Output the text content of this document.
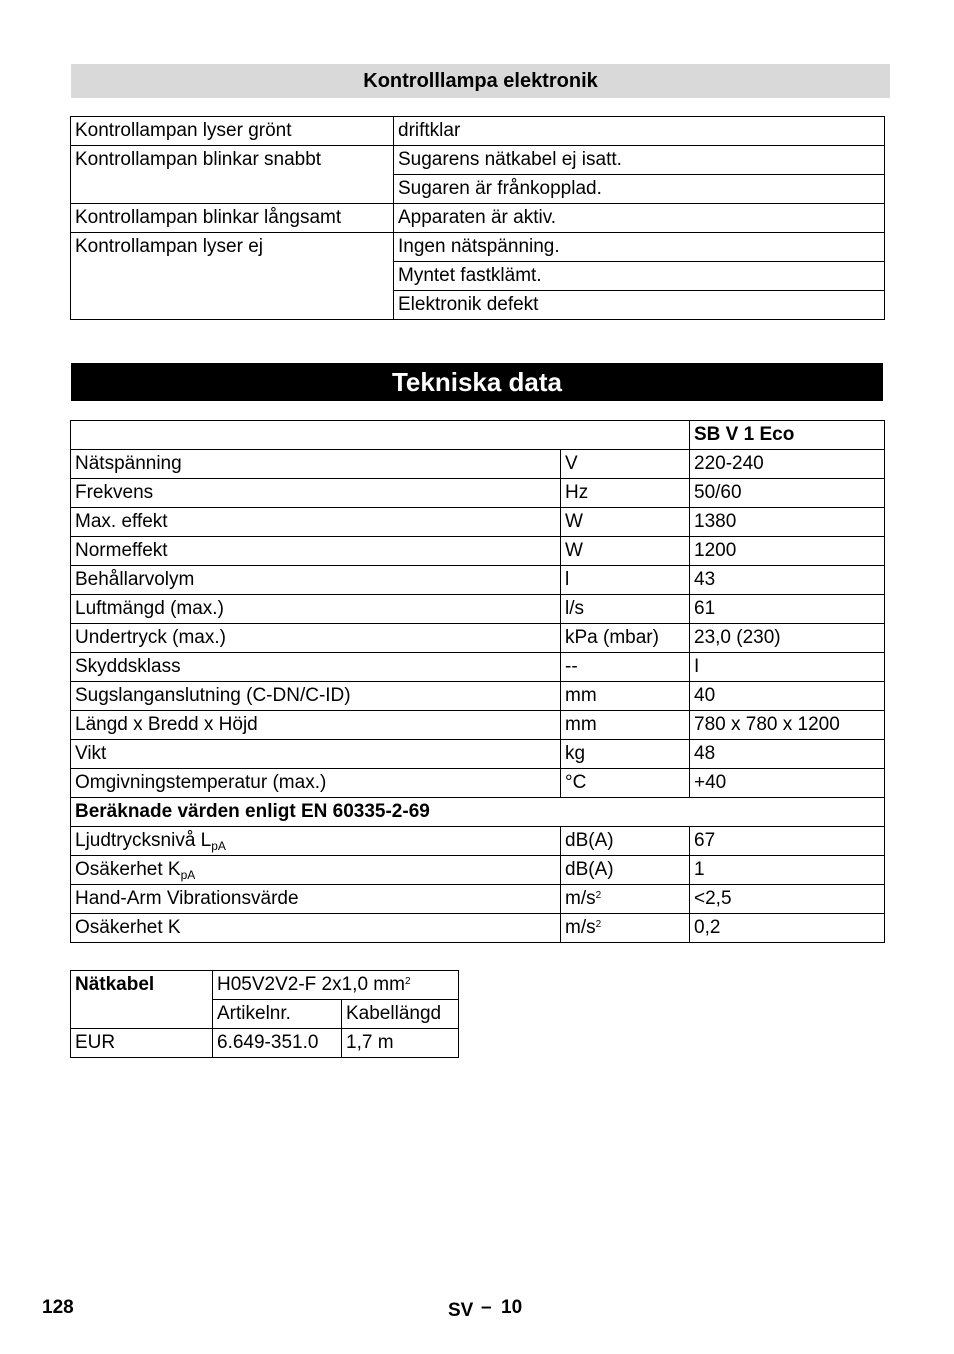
Kontrolllampa elektronik
Kontrollampan lyser grönt	driftklar
Kontrollampan blinkar snabbt	Sugarens nätkabel ej isatt.
	Sugaren är frånkopplad.
Kontrollampan blinkar långsamt	Apparaten är aktiv.
Kontrollampan lyser ej	Ingen nätspänning.
	Myntet fastklämt.
	Elektronik defekt
Tekniska data
		SB V 1 Eco
Nätspänning	V	220-240
Frekvens	Hz	50/60
Max. effekt	W	1380
Normeffekt	W	1200
Behållarvolym	l	43
Luftmängd (max.)	l/s	61
Undertryck (max.)	kPa (mbar)	23,0 (230)
Skyddsklass	--	I
Sugslanganslutning (C-DN/C-ID)	mm	40
Längd x Bredd x Höjd	mm	780 x 780 x 1200
Vikt	kg	48
Omgivningstemperatur (max.)	°C	+40
Beräknade värden enligt EN 60335-2-69		
Ljudtrycksnivå $L_{pA}$	dB(A)	67
Osäkerhet $K_{pA}$	dB(A)	1
Hand-Arm Vibrationsvärde	$m/s^2$	<2,5
Osäkerhet K	$m/s^2$	0,2
Nätkabel	H05V2V2-F 2x1,0 $mm^2$
	Artikelnr.	Kabellängd
EUR	6.649-351.0	1,7 m
128	SV – 10
